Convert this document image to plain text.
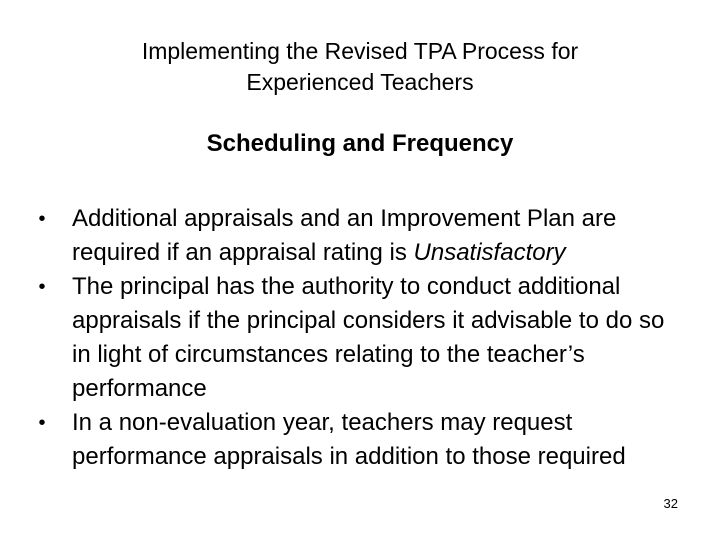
Implementing the Revised TPA Process for
Experienced Teachers
Scheduling and Frequency
• Additional appraisals and an Improvement Plan are required if an appraisal rating is Unsatisfactory
• The principal has the authority to conduct additional appraisals if the principal considers it advisable to do so in light of circumstances relating to the teacher’s performance
• In a non-evaluation year, teachers may request performance appraisals in addition to those required
32
